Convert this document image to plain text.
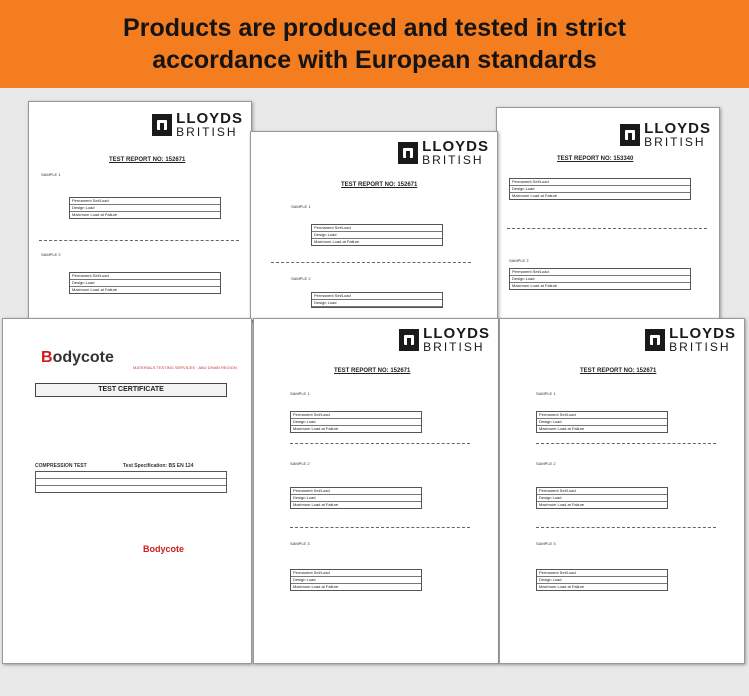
Products are produced and tested in strict
accordance with European standards
LLOYDS
BRITISH
TEST REPORT NO: 152671
SAMPLE 1
Permanent Set/Load
Design Load
Maximum Load at Failure
SAMPLE 2
Permanent Set/Load
Design Load
Maximum Load at Failure
LLOYDS
BRITISH
TEST REPORT NO: 153340
Permanent Set/Load
Design Load
Maximum Load at Failure
SAMPLE 2
Permanent Set/Load
Design Load
Maximum Load at Failure
LLOYDS
BRITISH
TEST REPORT NO: 152671
SAMPLE 1
Permanent Set/Load
Design Load
Maximum Load at Failure
SAMPLE 2
Permanent Set/Load
Design Load
Bodycote
MATERIALS TESTING SERVICES · ABU DHABI REGION
TEST CERTIFICATE
COMPRESSION TEST	Test Specification: BS EN 124
Bodycote
LLOYDS
BRITISH
TEST REPORT NO: 152671
SAMPLE 1
Permanent Set/Load
Design Load
Maximum Load at Failure
SAMPLE 2
Permanent Set/Load
Design Load
Maximum Load at Failure
SAMPLE 3
Permanent Set/Load
Design Load
Maximum Load at Failure
LLOYDS
BRITISH
TEST REPORT NO: 152671
SAMPLE 1
Permanent Set/Load
Design Load
Maximum Load at Failure
SAMPLE 2
Permanent Set/Load
Design Load
Maximum Load at Failure
SAMPLE 3
Permanent Set/Load
Design Load
Maximum Load at Failure
